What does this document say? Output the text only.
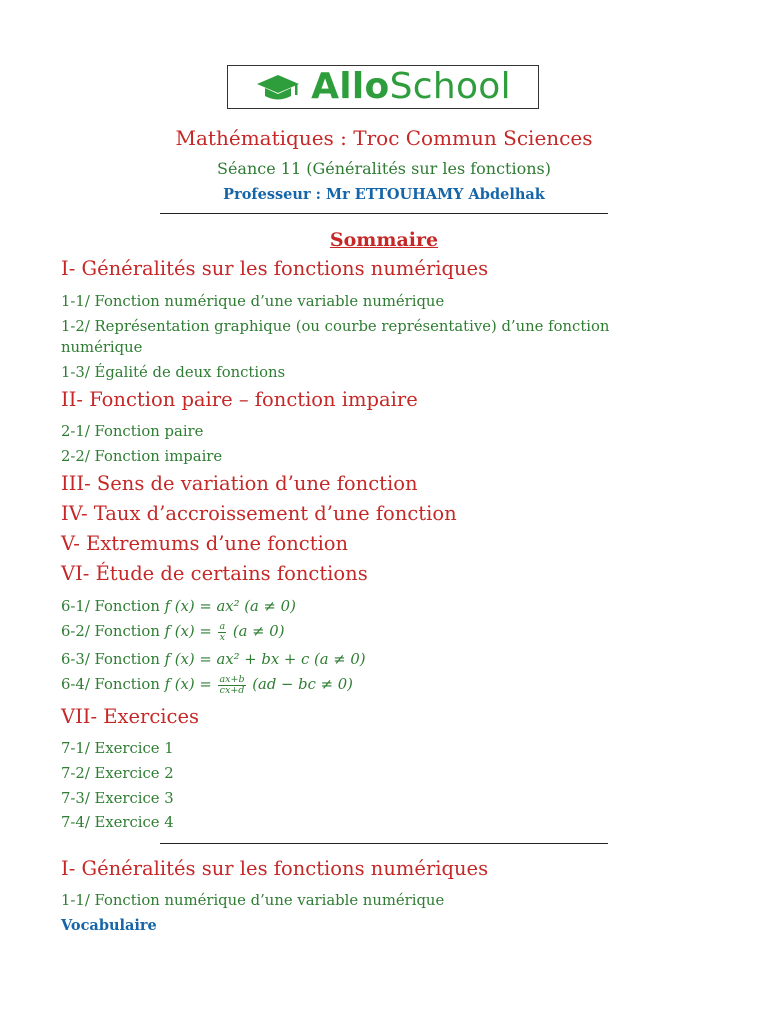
AlloSchool
Mathématiques : Troc Commun Sciences
Séance 11 (Généralités sur les fonctions)
Professeur : Mr ETTOUHAMY Abdelhak
Sommaire
I- Généralités sur les fonctions numériques
1-1/ Fonction numérique d’une variable numérique
1-2/ Représentation graphique (ou courbe représentative) d’une fonction numérique
1-3/ Égalité de deux fonctions
II- Fonction paire – fonction impaire
2-1/ Fonction paire
2-2/ Fonction impaire
III- Sens de variation d’une fonction
IV- Taux d’accroissement d’une fonction
V- Extremums d’une fonction
VI- Étude de certains fonctions
6-1/ Fonction f (x) = ax² (a ≠ 0)
6-2/ Fonction f $(x) = \frac{a}{x} (a \ne 0)$
6-3/ Fonction f (x) = ax² + bx + c (a ≠ 0)
6-4/ Fonction f $(x) = \frac{ax+b}{cx+d} (ad$ − bc ≠ 0)
VII- Exercices
7-1/ Exercice 1
7-2/ Exercice 2
7-3/ Exercice 3
7-4/ Exercice 4
I- Généralités sur les fonctions numériques
1-1/ Fonction numérique d’une variable numérique
Vocabulaire
